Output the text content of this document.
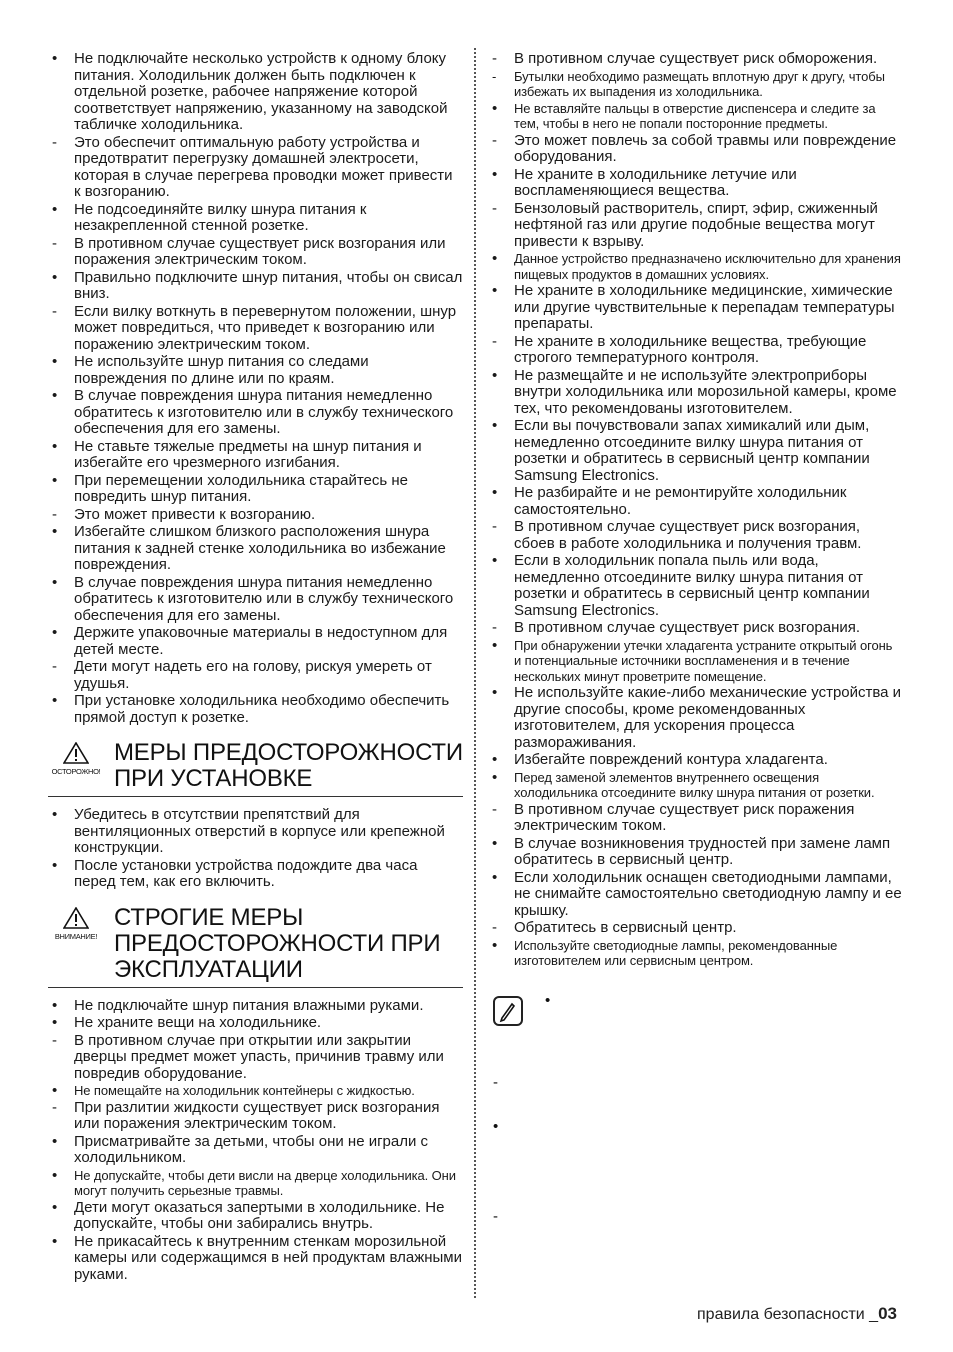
•	Не подключайте несколько устройств к одному блоку питания. Холодильник должен быть подключен к отдельной розетке, рабочее напряжение которой соответствует напряжению, указанному на заводской табличке холодильника.
-	Это обеспечит оптимальную работу устройства и предотвратит перегрузку домашней электросети, которая в случае перегрева проводки может привести к возгоранию.
•	Не подсоединяйте вилку шнура питания к незакрепленной стенной розетке.
-	В противном случае существует риск возгорания или поражения электрическим током.
•	Правильно подключите шнур питания, чтобы он свисал вниз.
-	Если вилку воткнуть в перевернутом положении, шнур может повредиться, что приведет к возгоранию или поражению электрическим током.
•	Не используйте шнур питания со следами повреждения по длине или по краям.
•	В случае повреждения шнура питания немедленно обратитесь к изготовителю или в службу технического обеспечения для его замены.
•	Не ставьте тяжелые предметы на шнур питания и избегайте его чрезмерного изгибания.
•	При перемещении холодильника старайтесь не повредить шнур питания.
-	Это может привести к возгоранию.
•	Избегайте слишком близкого расположения шнура питания к задней стенке холодильника во избежание повреждения.
•	В случае повреждения шнура питания немедленно обратитесь к изготовителю или в службу технического обеспечения для его замены.
•	Держите упаковочные материалы в недоступном для детей месте.
-	Дети могут надеть его на голову, рискуя умереть от удушья.
•	При установке холодильника необходимо обеспечить прямой доступ к розетке.
ОСТОРОЖНО!
МЕРЫ ПРЕДОСТОРОЖНОСТИ ПРИ УСТАНОВКЕ
•	Убедитесь в отсутствии препятствий для вентиляционных отверстий в корпусе или крепежной конструкции.
•	После установки устройства подождите два часа перед тем, как его включить.
ВНИМАНИЕ!
СТРОГИЕ МЕРЫ ПРЕДОСТОРОЖНОСТИ ПРИ ЭКСПЛУАТАЦИИ
•	Не подключайте шнур питания влажными руками.
•	Не храните вещи на холодильнике.
-	В противном случае при открытии или закрытии дверцы предмет может упасть, причинив травму или повредив оборудование.
•	Не помещайте на холодильник контейнеры с жидкостью.
-	При разлитии жидкости существует риск возгорания или поражения электрическим током.
•	Присматривайте за детьми, чтобы они не играли с холодильником.
•	Не допускайте, чтобы дети висли на дверце холодильника. Они могут получить серьезные травмы.
•	Дети могут оказаться запертыми в холодильнике. Не допускайте, чтобы они забирались внутрь.
•	Не прикасайтесь к внутренним стенкам морозильной камеры или содержащимся в ней продуктам влажными руками.
-	В противном случае существует риск обморожения.
-	Бутылки необходимо размещать вплотную друг к другу, чтобы избежать их выпадения из холодильника.
•	Не вставляйте пальцы в отверстие диспенсера и следите за тем, чтобы в него не попали посторонние предметы.
-	Это может повлечь за собой травмы или повреждение оборудования.
•	Не храните в холодильнике летучие или воспламеняющиеся вещества.
-	Бензоловый растворитель, спирт, эфир, сжиженный нефтяной газ или другие подобные вещества могут привести к взрыву.
•	Данное устройство предназначено исключительно для хранения пищевых продуктов в домашних условиях.
•	Не храните в холодильнике медицинские, химические или другие чувствительные к перепадам температуры препараты.
-	Не храните в холодильнике вещества, требующие строгого температурного контроля.
•	Не размещайте и не используйте электроприборы внутри холодильника или морозильной камеры, кроме тех, что рекомендованы изготовителем.
•	Если вы почувствовали запах химикалий или дым, немедленно отсоедините вилку шнура питания от розетки и обратитесь в сервисный центр компании Samsung Electronics.
•	Не разбирайте и не ремонтируйте холодильник самостоятельно.
-	В противном случае существует риск возгорания, сбоев в работе холодильника и получения травм.
•	Если в холодильник попала пыль или вода, немедленно отсоедините вилку шнура питания от розетки и обратитесь в сервисный центр компании Samsung Electronics.
-	В противном случае существует риск возгорания.
•	При обнаружении утечки хладагента устраните открытый огонь и потенциальные источники воспламенения и в течение нескольких минут проветрите помещение.
•	Не используйте какие-либо механические устройства и другие способы, кроме рекомендованных изготовителем, для ускорения процесса размораживания.
•	Избегайте повреждений контура хладагента.
•	Перед заменой элементов внутреннего освещения холодильника отсоедините вилку шнура питания от розетки.
-	В противном случае существует риск поражения электрическим током.
•	В случае возникновения трудностей при замене ламп обратитесь в сервисный центр.
•	Если холодильник оснащен светодиодными лампами, не снимайте самостоятельно светодиодную лампу и ее крышку.
-	Обратитесь в сервисный центр.
•	Используйте светодиодные лампы, рекомендованные изготовителем или сервисным центром.
•
-
•
-
правила безопасности _03
